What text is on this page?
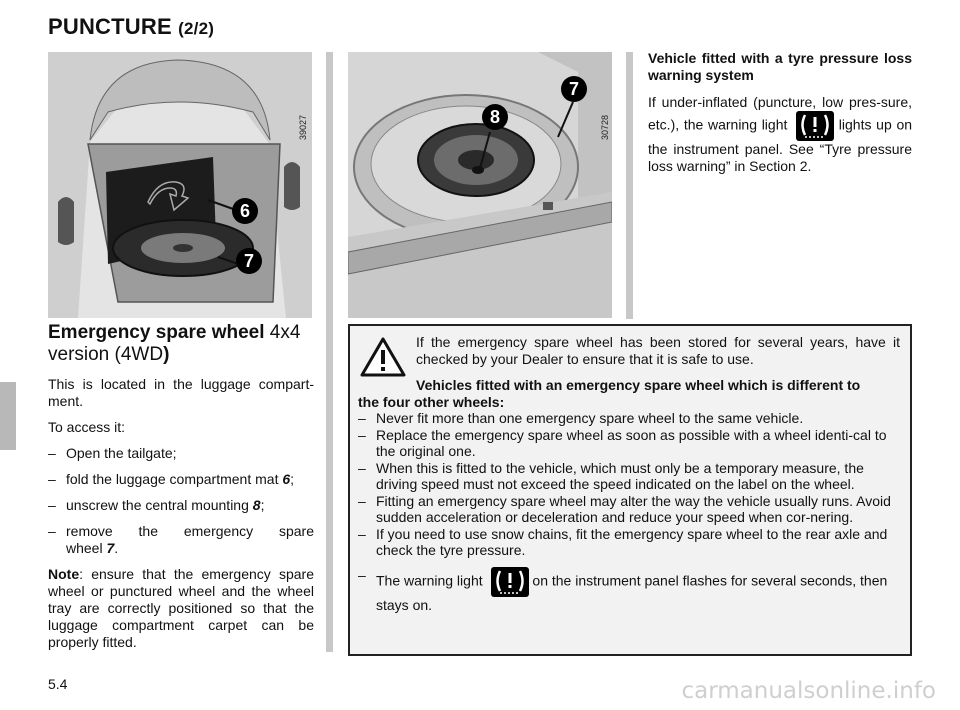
PUNCTURE (2/2)
39027
6
7
30728
7
8
Emergency spare wheel 4x4 version (4WD)
This is located in the luggage compart-ment.
To access it:
– Open the tailgate;
– fold the luggage compartment mat 6;
– unscrew the central mounting 8;
– remove the emergency spare
wheel 7.
Note: ensure that the emergency spare wheel or punctured wheel and the wheel tray are correctly positioned so that the luggage compartment carpet can be properly fitted.
Vehicle fitted with a tyre pressure loss warning system
If under-inflated (puncture, low pres-sure, etc.), the warning light	lights up on the instrument panel. See “Tyre pressure loss warning” in Section 2.
If the emergency spare wheel has been stored for several years, have it checked by your Dealer to ensure that it is safe to use.
Vehicles fitted with an emergency spare wheel which is different to
the four other wheels:
– Never fit more than one emergency spare wheel to the same vehicle.
– Replace the emergency spare wheel as soon as possible with a wheel identi-cal to the original one.
– When this is fitted to the vehicle, which must only be a temporary measure, the driving speed must not exceed the speed indicated on the label on the wheel.
– Fitting an emergency spare wheel may alter the way the vehicle usually runs. Avoid sudden acceleration or deceleration and reduce your speed when cor-nering.
– If you need to use snow chains, fit the emergency spare wheel to the rear axle and check the tyre pressure.
– The warning light	on the instrument panel flashes for several seconds, then stays on.
5.4	carmanualsonline.info
